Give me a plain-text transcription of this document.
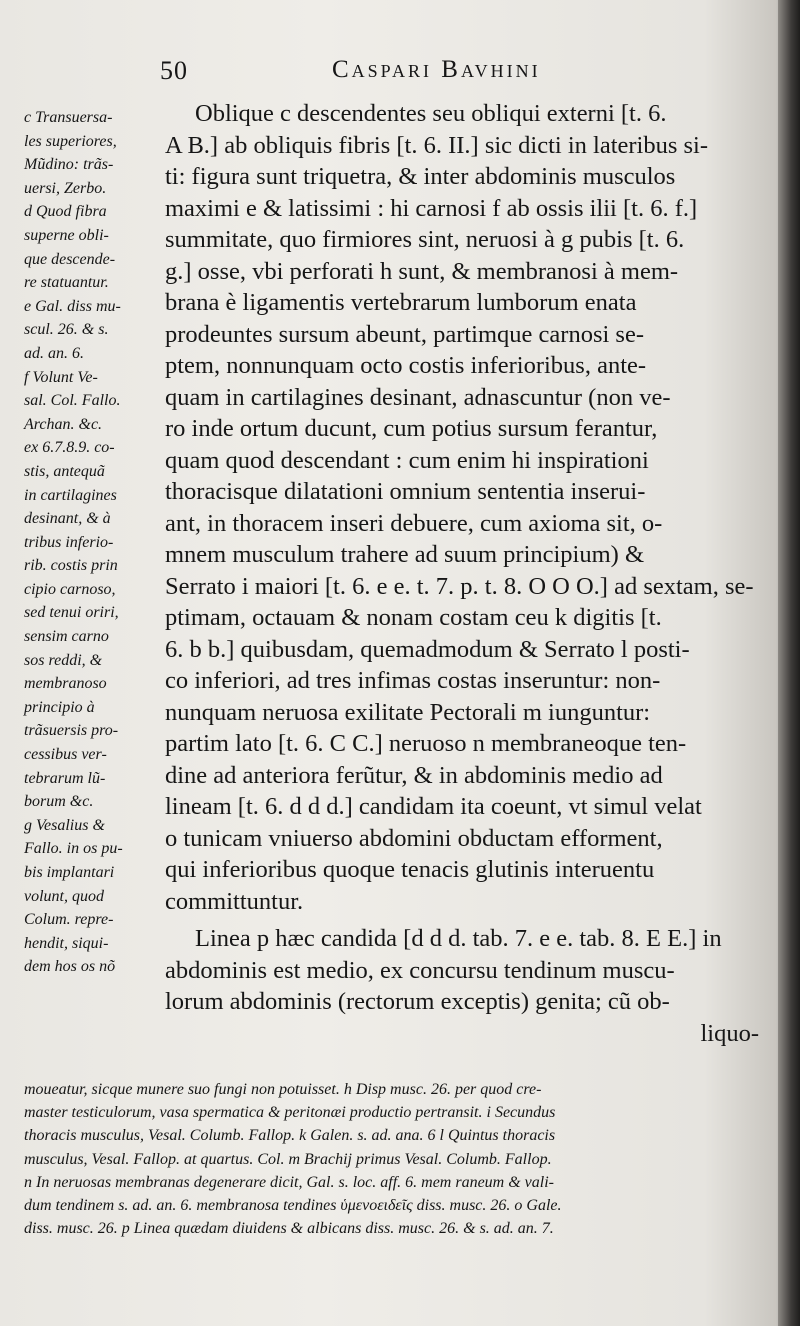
50	Caspari Bavhini
c Transuersa-
les superiores,
Mũdino: trãs-
uersi, Zerbo.
d Quod fibra
superne obli-
que descende-
re statuantur.
e Gal. diss mu-
scul. 26. & s.
ad. an. 6.
f Volunt Ve-
sal. Col. Fallo.
Archan. &c.
ex 6.7.8.9. co-
stis, antequã
in cartilagines
desinant, & à
tribus inferio-
rib. costis prin
cipio carnoso,
sed tenui oriri,
sensim carno
sos reddi, &
membranoso
principio à
trãsuersis pro-
cessibus ver-
tebrarum lũ-
borum &c.
g Vesalius &
Fallo. in os pu-
bis implantari
volunt, quod
Colum. repre-
hendit, siqui-
dem hos os nõ
Oblique c descendentes seu obliqui externi [t. 6.
A B.] ab obliquis fibris [t. 6. II.] sic dicti in lateribus si-
ti: figura sunt triquetra, & inter abdominis musculos
maximi e & latissimi : hi carnosi f ab ossis ilii [t. 6. f.]
summitate, quo firmiores sint, neruosi à g pubis [t. 6.
g.] osse, vbi perforati h sunt, & membranosi à mem-
brana è ligamentis vertebrarum lumborum enata
prodeuntes sursum abeunt, partimque carnosi se-
ptem, nonnunquam octo costis inferioribus, ante-
quam in cartilagines desinant, adnascuntur (non ve-
ro inde ortum ducunt, cum potius sursum ferantur,
quam quod descendant : cum enim hi inspirationi
thoracisque dilatationi omnium sententia inserui-
ant, in thoracem inseri debuere, cum axioma sit, o-
mnem musculum trahere ad suum principium) &
Serrato i maiori [t. 6. e e. t. 7. p. t. 8. O O O.] ad sextam, se-
ptimam, octauam & nonam costam ceu k digitis [t.
6. b b.] quibusdam, quemadmodum & Serrato l posti-
co inferiori, ad tres infimas costas inseruntur: non-
nunquam neruosa exilitate Pectorali m iunguntur:
partim lato [t. 6. C C.] neruoso n membraneoque ten-
dine ad anteriora ferũtur, & in abdominis medio ad
lineam [t. 6. d d d.] candidam ita coeunt, vt simul velat
o tunicam vniuerso abdomini obductam efforment,
qui inferioribus quoque tenacis glutinis interuentu
committuntur.
Linea p hæc candida [d d d. tab. 7. e e. tab. 8. E E.] in
abdominis est medio, ex concursu tendinum muscu-
lorum abdominis (rectorum exceptis) genita; cũ ob-
liquo-
moueatur, sicque munere suo fungi non potuisset. h Disp musc. 26. per quod cre-
master testiculorum, vasa spermatica & peritonæi productio pertransit. i Secundus
thoracis musculus, Vesal. Columb. Fallop. k Galen. s. ad. ana. 6 l Quintus thoracis
musculus, Vesal. Fallop. at quartus. Col. m Brachij primus Vesal. Columb. Fallop.
n In neruosas membranas degenerare dicit, Gal. s. loc. aff. 6. mem raneum & vali-
dum tendinem s. ad. an. 6. membranosa tendines ὑμενοειδεῖς diss. musc. 26. o Gale.
diss. musc. 26. p Linea quædam diuidens & albicans diss. musc. 26. & s. ad. an. 7.
